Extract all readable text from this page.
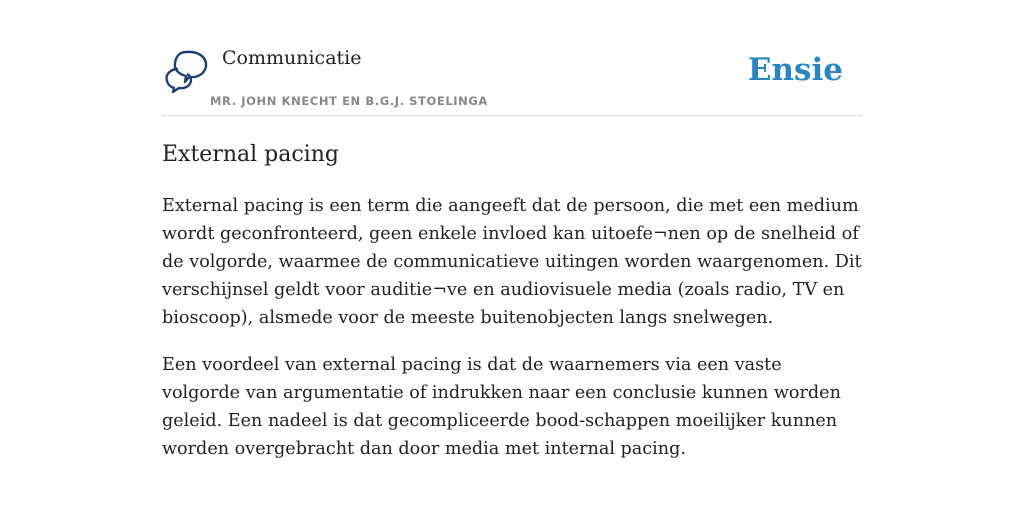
Communicatie
MR. JOHN KNECHT EN B.G.J. STOELINGA
Ensie
External pacing

External pacing is een term die aangeeft dat de persoon, die met een medium wordt geconfronteerd, geen enkele invloed kan uitoefe¬nen op de snelheid of de volgorde, waarmee de communicatieve uitingen worden waargenomen. Dit verschijnsel geldt voor auditie¬ve en audiovisuele media (zoals radio, TV en bioscoop), alsmede voor de meeste buitenobjecten langs snelwegen.

Een voordeel van external pacing is dat de waarnemers via een vaste volgorde van argumentatie of indrukken naar een conclusie kunnen worden geleid. Een nadeel is dat gecompliceerde bood-schappen moeilijker kunnen worden overgebracht dan door media met internal pacing.
